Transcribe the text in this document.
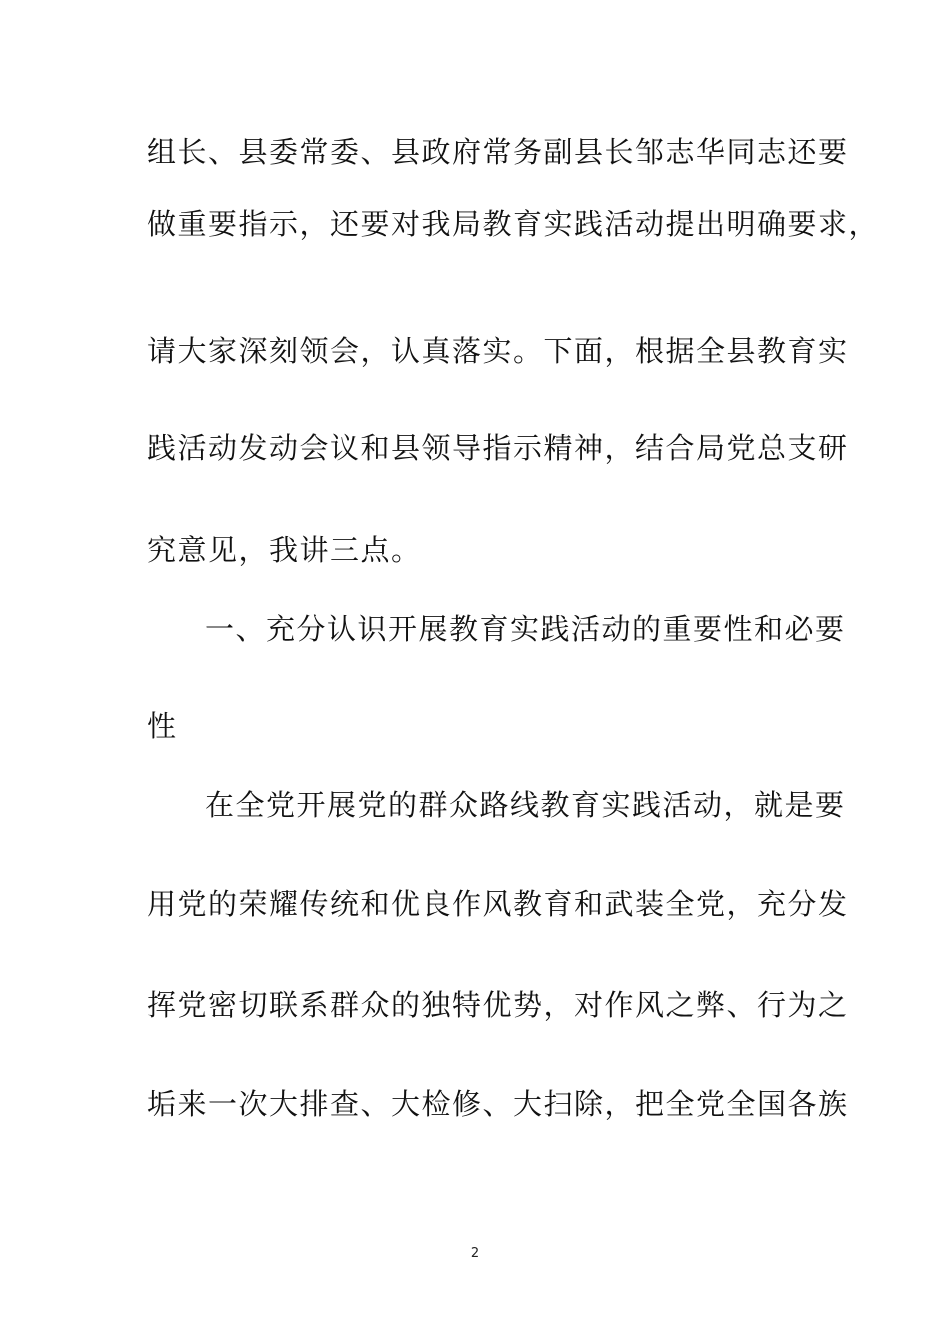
组长、县委常委、县政府常务副县长邹志华同志还要
做重要指示，还要对我局教育实践活动提出明确要求，
请大家深刻领会，认真落实。下面，根据全县教育实
践活动发动会议和县领导指示精神，结合局党总支研
究意见，我讲三点。
一、充分认识开展教育实践活动的重要性和必要
性
在全党开展党的群众路线教育实践活动，就是要
用党的荣耀传统和优良作风教育和武装全党，充分发
挥党密切联系群众的独特优势，对作风之弊、行为之
垢来一次大排查、大检修、大扫除，把全党全国各族
2
